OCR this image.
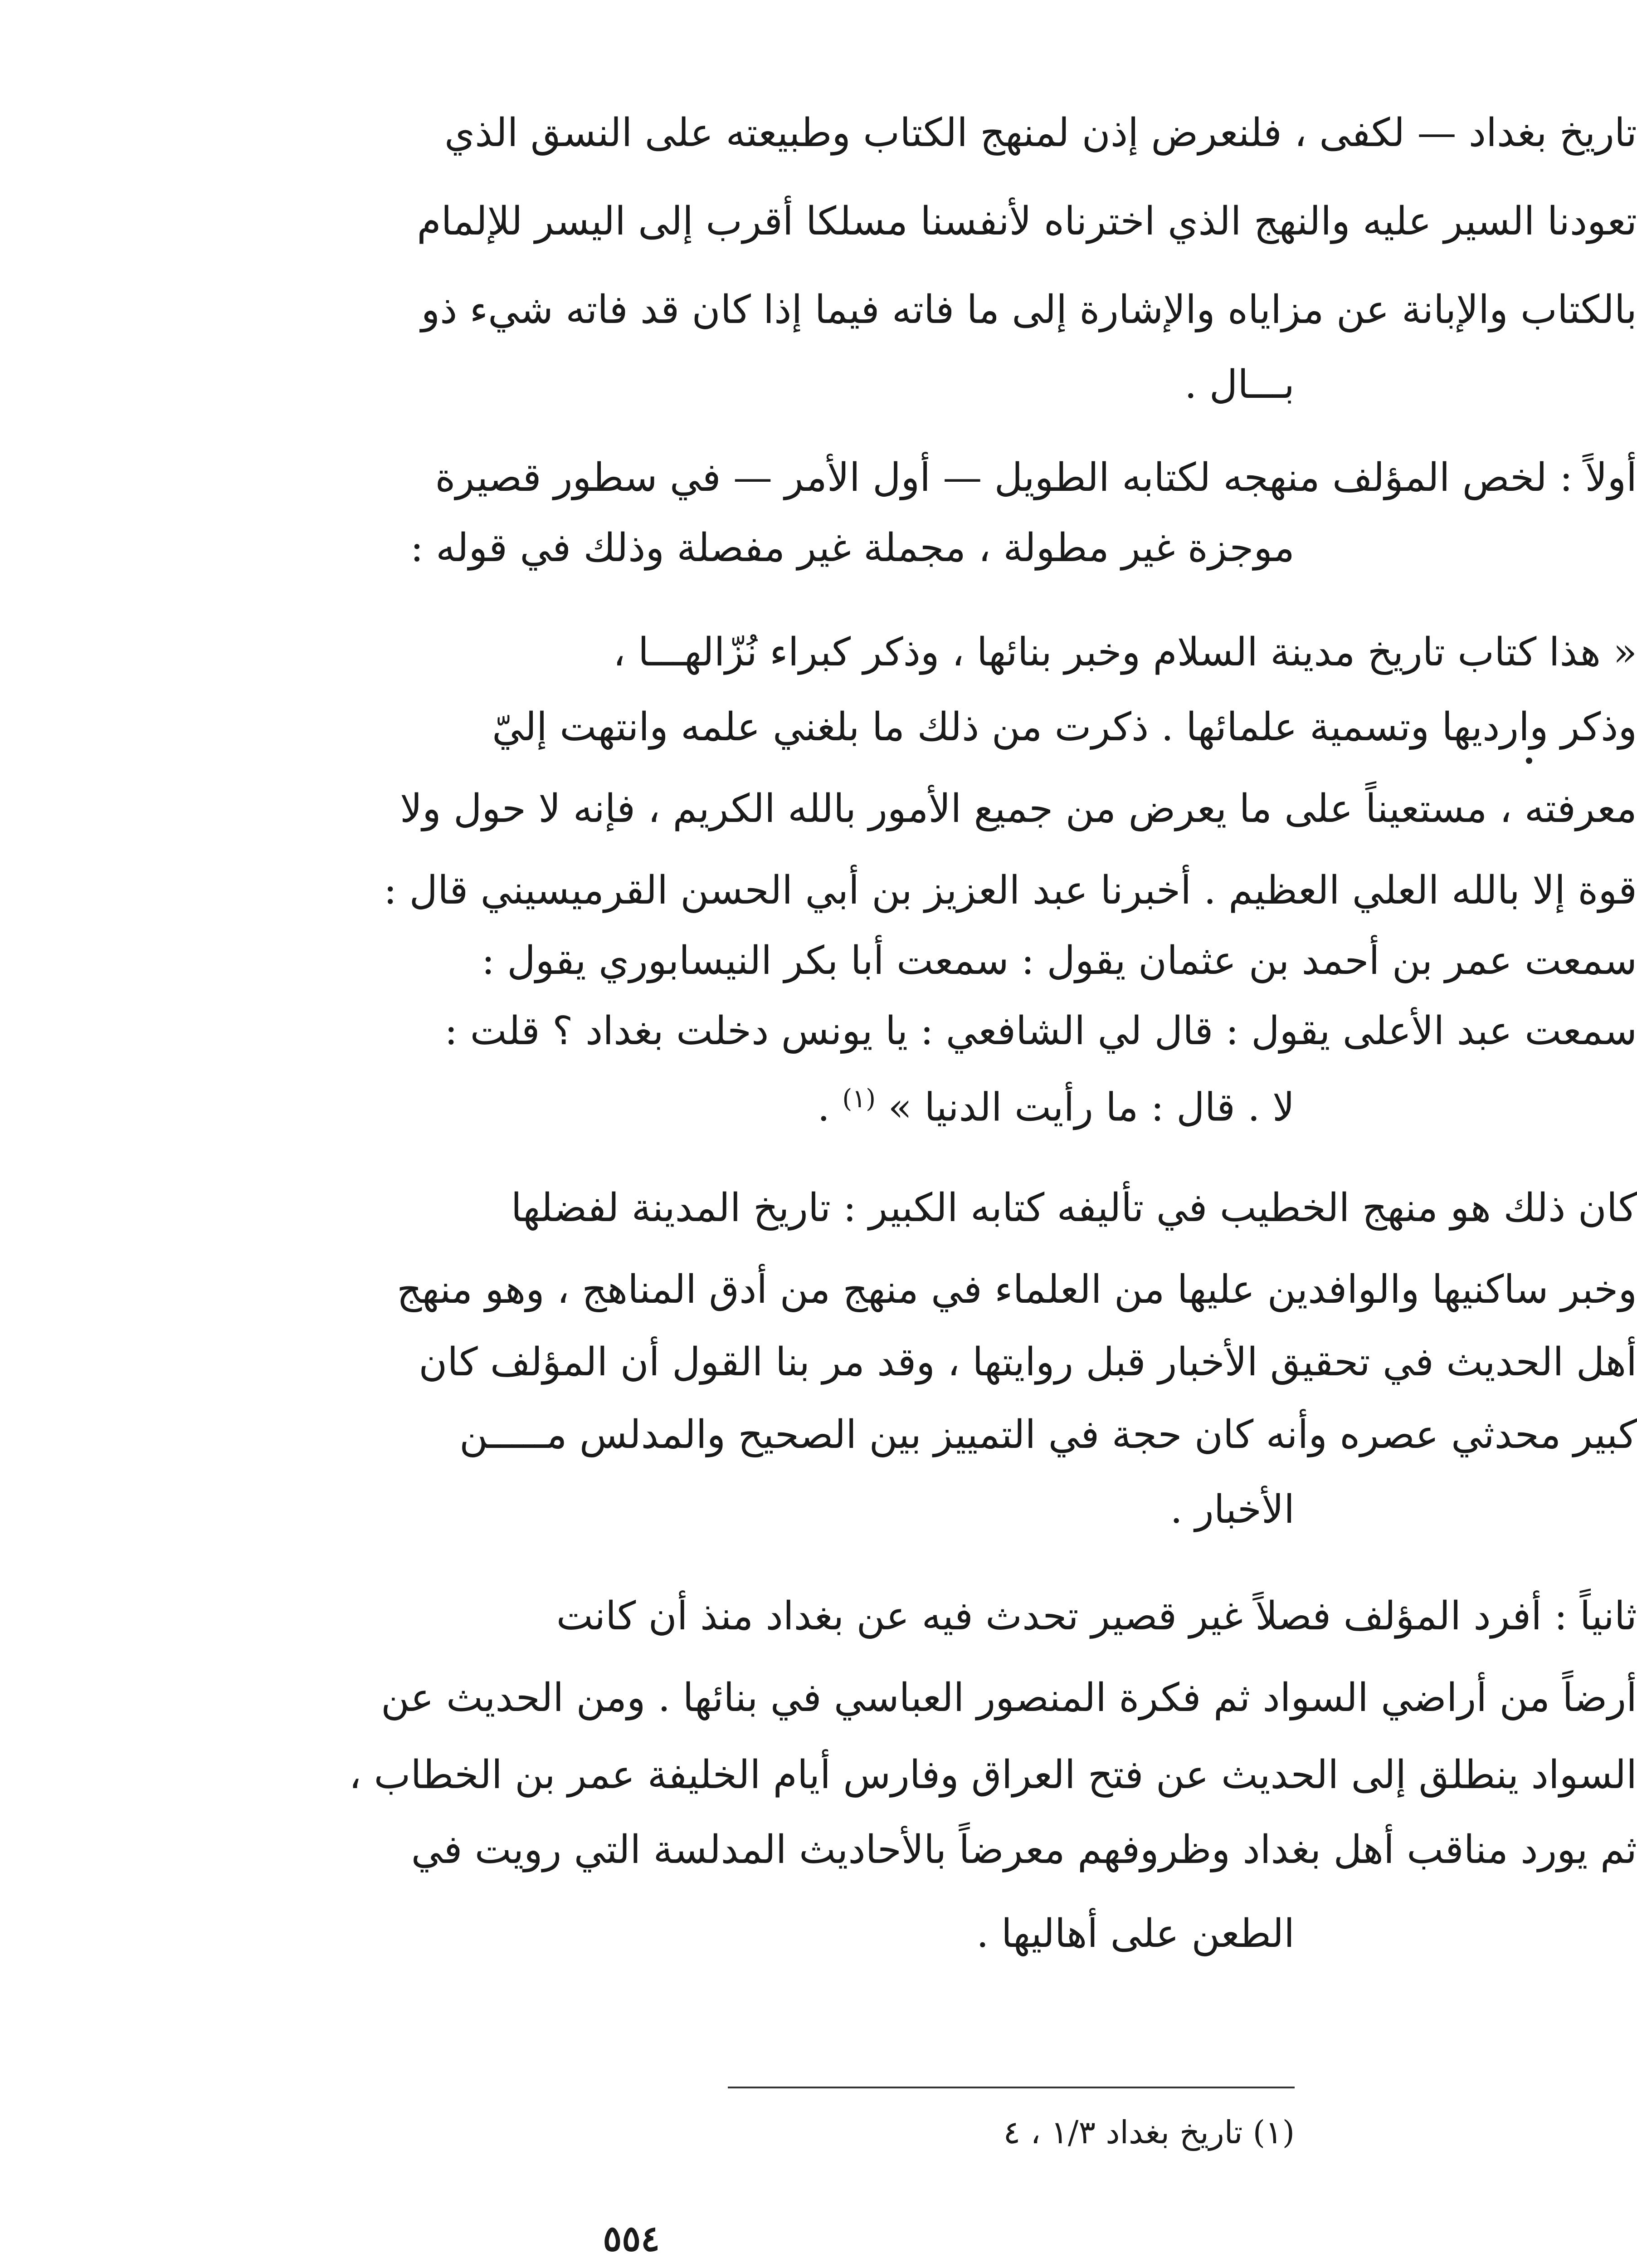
تاريخ بغداد — لكفى ، فلنعرض إذن لمنهج الكتاب وطبيعته على النسق الذي
تعودنا السير عليه والنهج الذي اخترناه لأنفسنا مسلكا أقرب إلى اليسر للإلمام
بالكتاب والإبانة عن مزاياه والإشارة إلى ما فاته فيما إذا كان قد فاته شيء ذو
بـــال .
أولاً : لخص المؤلف منهجه لكتابه الطويل — أول الأمر — في سطور قصيرة
موجزة غير مطولة ، مجملة غير مفصلة وذلك في قوله :
« هذا كتاب تاريخ مدينة السلام وخبر بنائها ، وذكر كبراء نُزّالهـــا ،
وذكر وارديها وتسمية علمائها . ذكرت من ذلك ما بلغني علمه وانتهت إليّ
معرفته ، مستعيناً على ما يعرض من جميع الأمور بالله الكريم ، فإنه لا حول ولا
قوة إلا بالله العلي العظيم . أخبرنا عبد العزيز بن أبي الحسن القرميسيني قال :
سمعت عمر بن أحمد بن عثمان يقول : سمعت أبا بكر النيسابوري يقول :
سمعت عبد الأعلى يقول : قال لي الشافعي : يا يونس دخلت بغداد ؟ قلت :
لا . قال : ما رأيت الدنيا » $^{(١)}$ .
كان ذلك هو منهج الخطيب في تأليفه كتابه الكبير : تاريخ المدينة لفضلها
وخبر ساكنيها والوافدين عليها من العلماء في منهج من أدق المناهج ، وهو منهج
أهل الحديث في تحقيق الأخبار قبل روايتها ، وقد مر بنا القول أن المؤلف كان
كبير محدثي عصره وأنه كان حجة في التمييز بين الصحيح والمدلس مـــــن
الأخبار .
ثانياً : أفرد المؤلف فصلاً غير قصير تحدث فيه عن بغداد منذ أن كانت
أرضاً من أراضي السواد ثم فكرة المنصور العباسي في بنائها . ومن الحديث عن
السواد ينطلق إلى الحديث عن فتح العراق وفارس أيام الخليفة عمر بن الخطاب ،
ثم يورد مناقب أهل بغداد وظروفهم معرضاً بالأحاديث المدلسة التي رويت في
الطعن على أهاليها .
(١) تاريخ بغداد ١/٣ ، ٤
٥٥٤
